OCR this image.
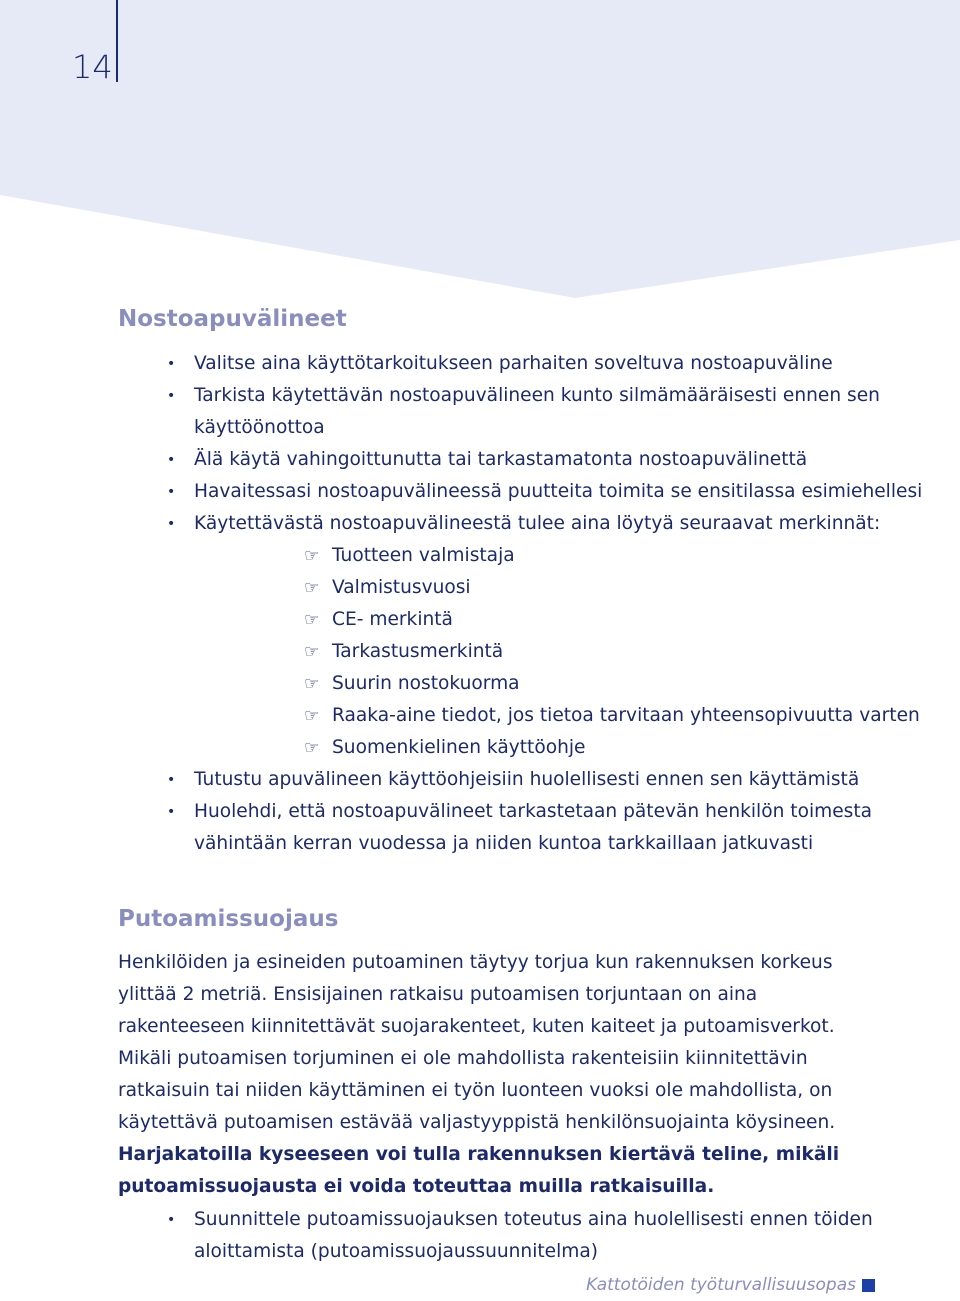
14
Nostoapuvälineet
• Valitse aina käyttötarkoitukseen parhaiten soveltuva nostoapuväline
• Tarkista käytettävän nostoapuvälineen kunto silmämääräisesti ennen sen käyttöönottoa
• Älä käytä vahingoittunutta tai tarkastamatonta nostoapuvälinettä
• Havaitessasi nostoapuvälineessä puutteita toimita se ensitilassa esimiehellesi
• Käytettävästä nostoapuvälineestä tulee aina löytyä seuraavat merkinnät:
☞ Tuotteen valmistaja
☞ Valmistusvuosi
☞ CE- merkintä
☞ Tarkastusmerkintä
☞ Suurin nostokuorma
☞ Raaka-aine tiedot, jos tietoa tarvitaan yhteensopivuutta varten
☞ Suomenkielinen käyttöohje
• Tutustu apuvälineen käyttöohjeisiin huolellisesti ennen sen käyttämistä
• Huolehdi, että nostoapuvälineet tarkastetaan pätevän henkilön toimesta vähintään kerran vuodessa ja niiden kuntoa tarkkaillaan jatkuvasti
Putoamissuojaus

Henkilöiden ja esineiden putoaminen täytyy torjua kun rakennuksen korkeus ylittää 2 metriä. Ensisijainen ratkaisu putoamisen torjuntaan on aina rakenteeseen kiinnitettävät suojarakenteet, kuten kaiteet ja putoamisverkot. Mikäli putoamisen torjuminen ei ole mahdollista rakenteisiin kiinnitettävin ratkaisuin tai niiden käyttäminen ei työn luonteen vuoksi ole mahdollista, on käytettävä putoamisen estävää valjastyyppistä henkilönsuojainta köysineen. Harjakatoilla kyseeseen voi tulla rakennuksen kiertävä teline, mikäli putoamissuojausta ei voida toteuttaa muilla ratkaisuilla.

• Suunnittele putoamissuojauksen toteutus aina huolellisesti ennen töiden aloittamista (putoamissuojaussuunnitelma)
Kattotöiden työturvallisuusopas
